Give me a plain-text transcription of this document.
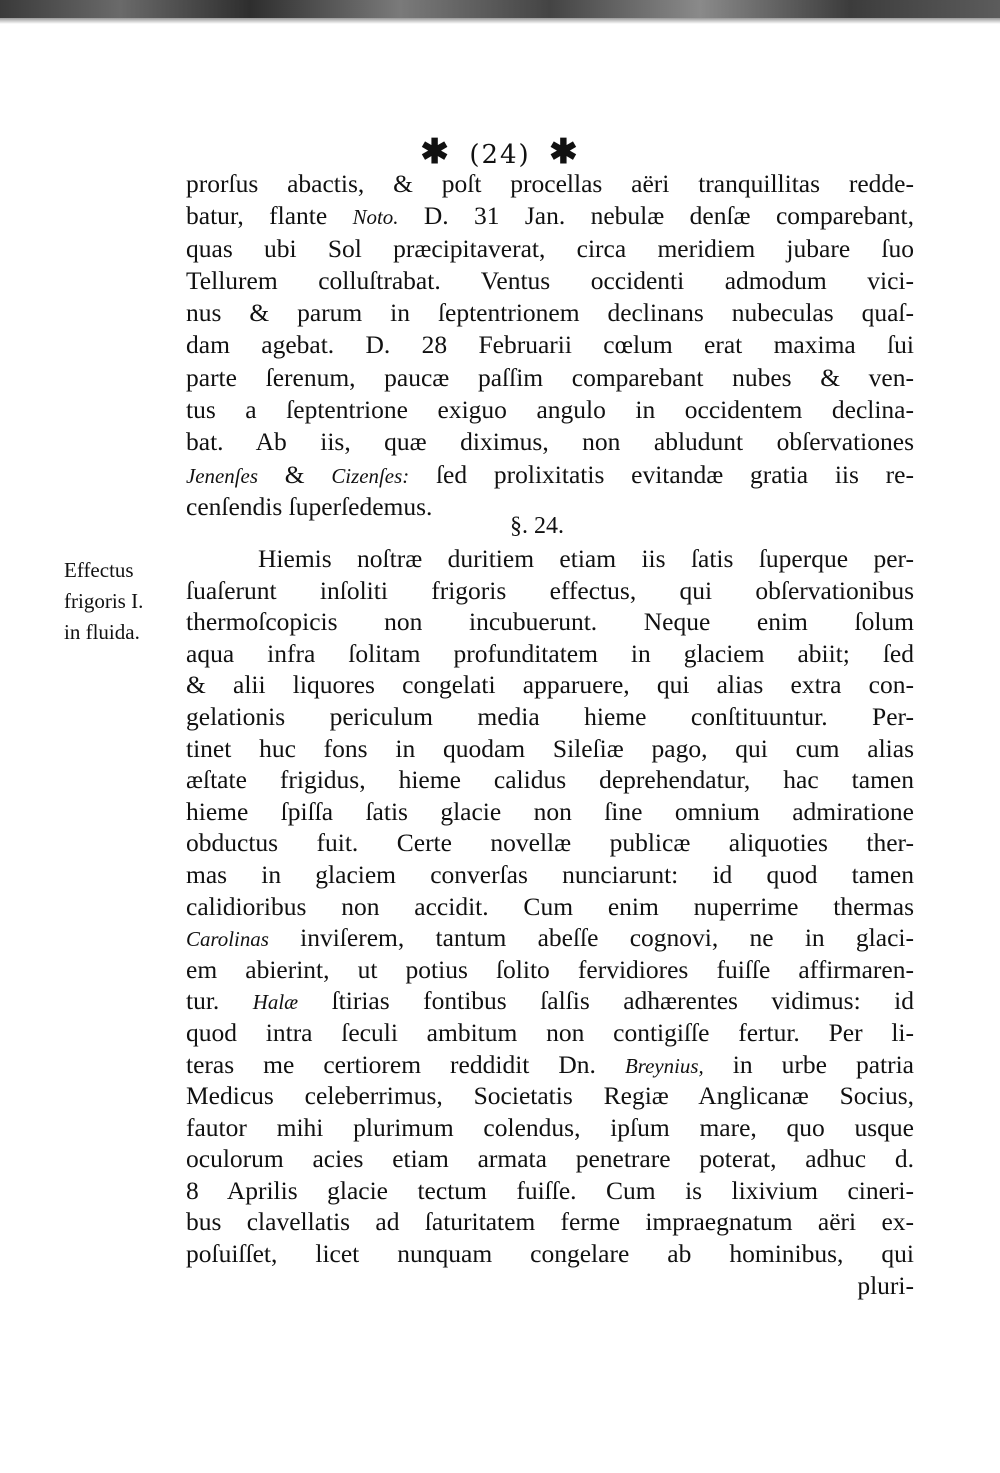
✱ (24) ✱
prorſus abactis, & poſt procellas aëri tranquillitas redde-
batur, flante Noto. D. 31 Jan. nebulæ denſæ comparebant,
quas ubi Sol præcipitaverat, circa meridiem jubare ſuo
Tellurem colluſtrabat. Ventus occidenti admodum vici-
nus & parum in ſeptentrionem declinans nubeculas quaſ-
dam agebat. D. 28 Februarii cœlum erat maxima ſui
parte ſerenum, paucæ paſſim comparebant nubes & ven-
tus a ſeptentrione exiguo angulo in occidentem declina-
bat. Ab iis, quæ diximus, non abludunt obſervationes
Jenenſes & Cizenſes: ſed prolixitatis evitandæ gratia iis re-
cenſendis ſuperſedemus.
§. 24.
Effectus
frigoris I.
in fluida.
Hiemis noſtræ duritiem etiam iis ſatis ſuperque per-
ſuaſerunt inſoliti frigoris effectus, qui obſervationibus
thermoſcopicis non incubuerunt. Neque enim ſolum
aqua infra ſolitam profunditatem in glaciem abiit; ſed
& alii liquores congelati apparuere, qui alias extra con-
gelationis periculum media hieme conſtituuntur. Per-
tinet huc fons in quodam Sileſiæ pago, qui cum alias
æſtate frigidus, hieme calidus deprehendatur, hac tamen
hieme ſpiſſa ſatis glacie non ſine omnium admiratione
obductus fuit. Certe novellæ publicæ aliquoties ther-
mas in glaciem converſas nunciarunt: id quod tamen
calidioribus non accidit. Cum enim nuperrime thermas
Carolinas inviſerem, tantum abeſſe cognovi, ne in glaci-
em abierint, ut potius ſolito fervidiores fuiſſe affirmaren-
tur. Halæ ſtirias fontibus ſalſis adhærentes vidimus: id
quod intra ſeculi ambitum non contigiſſe fertur. Per li-
teras me certiorem reddidit Dn. Breynius, in urbe patria
Medicus celeberrimus, Societatis Regiæ Anglicanæ Socius,
fautor mihi plurimum colendus, ipſum mare, quo usque
oculorum acies etiam armata penetrare poterat, adhuc d.
8 Aprilis glacie tectum fuiſſe. Cum is lixivium cineri-
bus clavellatis ad ſaturitatem ferme impraegnatum aëri ex-
poſuiſſet, licet nunquam congelare ab hominibus, qui
pluri-
